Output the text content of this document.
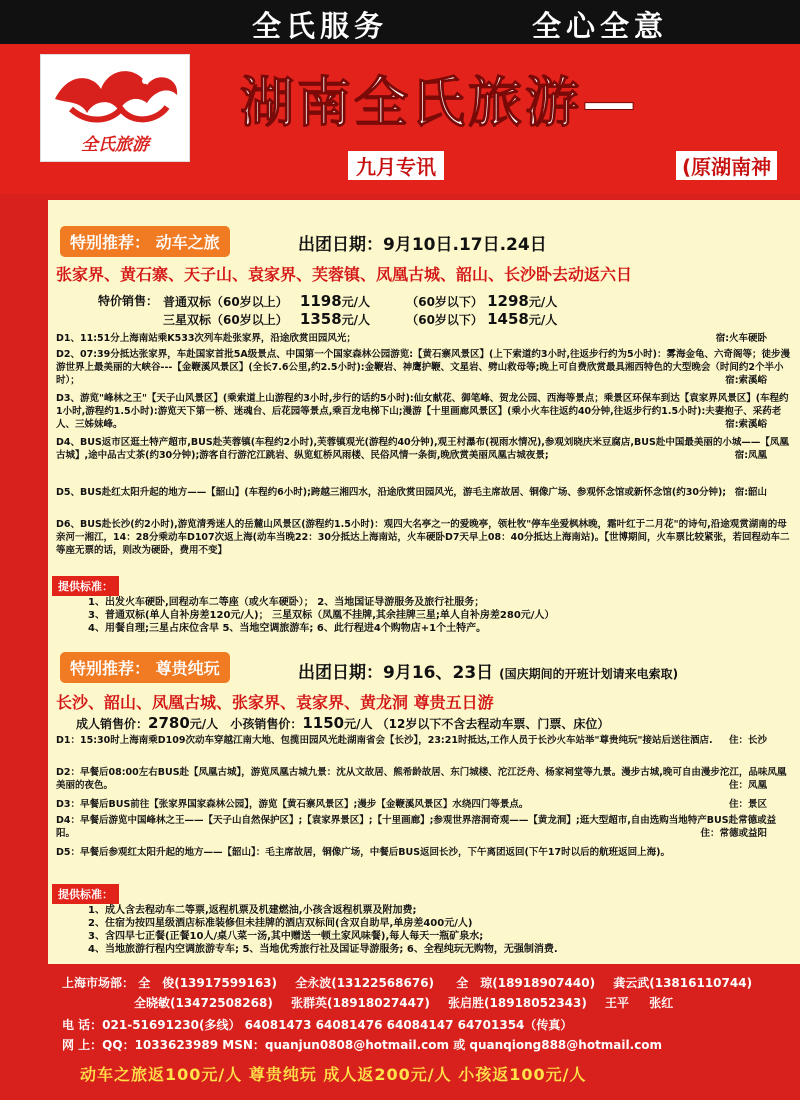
全氏服务	全心全意
全氏旅游
湖南全氏旅游—
九月专讯	(原湖南神
特别推荐： 动车之旅	出团日期：9月10日.17日.24日
张家界、黄石寨、天子山、袁家界、芙蓉镇、凤凰古城、韶山、长沙卧去动返六日
特价销售： 普通双标（60岁以上） 1198元/人	（60岁以下） 1298元/人
三星双标（60岁以上） 1358元/人	（60岁以下） 1458元/人
D1、11:51分上海南站乘K533次列车赴张家界，沿途欣赏田园风光；	宿:火车硬卧
D2、07:39分抵达张家界，车赴国家首批5A级景点、中国第一个国家森林公园游览:【黄石寨风景区】(上下索道约3小时,往返步行约为5小时)：雾海金龟、六奇阁等；徒步漫游世界上最美丽的大峡谷---【金鞭溪风景区】(全长7.6公里,约2.5小时):金鞭岩、神鹰护鞭、文星岩、劈山救母等;晚上可自费欣赏最具湘西特色的大型晚会（时间约2个半小时）；	宿:索溪峪
D3、游览"峰林之王"【天子山风景区】(乘索道上山游程约3小时,步行的话约5小时):仙女献花、御笔峰、贺龙公园、西海等景点；乘景区环保车到达【袁家界风景区】(车程约1小时,游程约1.5小时):游览天下第一桥、迷魂台、后花园等景点,乘百龙电梯下山;漫游【十里画廊风景区】(乘小火车往返约40分钟,往返步行约1.5小时):夫妻抱子、采药老人、三姊妹峰。	宿:索溪峪
D4、BUS返市区逛土特产超市,BUS赴芙蓉镇(车程约2小时),芙蓉镇观光(游程约40分钟),观王村瀑布(视雨水情况),参观刘晓庆米豆腐店,BUS赴中国最美丽的小城——【凤凰古城】,途中品古丈茶(约30分钟);游客自行游沱江跳岩、纵览虹桥风雨楼、民俗风情一条街,晚欣赏美丽凤凰古城夜景;	宿:凤凰
D5、BUS赴红太阳升起的地方——【韶山】(车程约6小时);跨越三湘四水，沿途欣赏田园风光，游毛主席故居、铜像广场、参观怀念馆或新怀念馆(约30分钟); 宿:韶山
D6、BUS赴长沙(约2小时),游览清秀迷人的岳麓山风景区(游程约1.5小时)：观四大名亭之一的爱晚亭，领杜牧"停车坐爱枫林晚，霜叶红于二月花"的诗句,沿途观赏湖南的母亲河一湘江，14：28分乘动车D107次返上海(动车当晚22：30分抵达上海南站，火车硬卧D7天早上08：40分抵达上海南站)。【世博期间，火车票比较紧张，若回程动车二等座无票的话，则改为硬卧，费用不变】
提供标准：
1、出发火车硬卧,回程动车二等座（或火车硬卧）； 2、当地国证导游服务及旅行社服务；
3、普通双标(单人自补房差120元/人)； 三星双标（凤凰不挂牌,其余挂牌三星;单人自补房差280元/人）
4、用餐自理;三星占床位含早 5、当地空调旅游车; 6、此行程进4个购物店+1个土特产。
特别推荐： 尊贵纯玩	出团日期：9月16、23日 (国庆期间的开班计划请来电索取)
长沙、韶山、凤凰古城、张家界、袁家界、黄龙洞 尊贵五日游
成人销售价：2780元/人 小孩销售价：1150元/人 （12岁以下不含去程动车票、门票、床位）
D1：15:30时上海南乘D109次动车穿越江南大地、包揽田园风光赴湖南省会【长沙】，23:21时抵达,工作人员于长沙火车站举"尊贵纯玩"接站后送往酒店. 住：长沙
D2：早餐后08:00左右BUS赴【凤凰古城】，游览凤凰古城九景：沈从文故居、熊希龄故居、东门城楼、沱江泛舟、杨家祠堂等九景。漫步古城,晚可自由漫步沱江，品味凤凰美丽的夜色。	住：凤凰
D3：早餐后BUS前往【张家界国家森林公园】，游览【黄石寨风景区】;漫步【金鞭溪风景区】水绕四门等景点。	住：景区
D4：早餐后游览中国峰林之王——【天子山自然保护区】;【袁家界景区】;【十里画廊】;参观世界溶洞奇观——【黄龙洞】;逛大型超市,自由选购当地特产BUS赴常德或益阳。	住：常德或益阳
D5：早餐后参观红太阳升起的地方——【韶山】：毛主席故居，铜像广场，中餐后BUS返回长沙，下午离团返回(下午17时以后的航班返回上海)。
提供标准：
1、成人含去程动车二等票,返程机票及机建燃油,小孩含返程机票及附加费;
2、住宿为按四星级酒店标准装修但未挂牌的酒店双标间(含双自助早,单房差400元/人)
3、含四早七正餐(正餐10人/桌八菜一汤,其中赠送一顿土家风味餐),每人每天一瓶矿泉水;
4、当地旅游行程内空调旅游专车; 5、当地优秀旅行社及国证导游服务; 6、全程纯玩无购物，无强制消费.
上海市场部： 全　俊(13917599163) 全永波(13122568676) 全　琼(18918907440) 龚云武(13816110744)
全晓敏(13472508268) 张群英(18918027447) 张启胜(18918052343) 王平 张红
电 话：021-51691230(多线） 64081473 64081476 64084147 64701354（传真）
网 上：QQ：1033623989 MSN：quanjun0808@hotmail.com 或 quanqiong888@hotmail.com
动车之旅返100元/人 尊贵纯玩 成人返200元/人 小孩返100元/人
